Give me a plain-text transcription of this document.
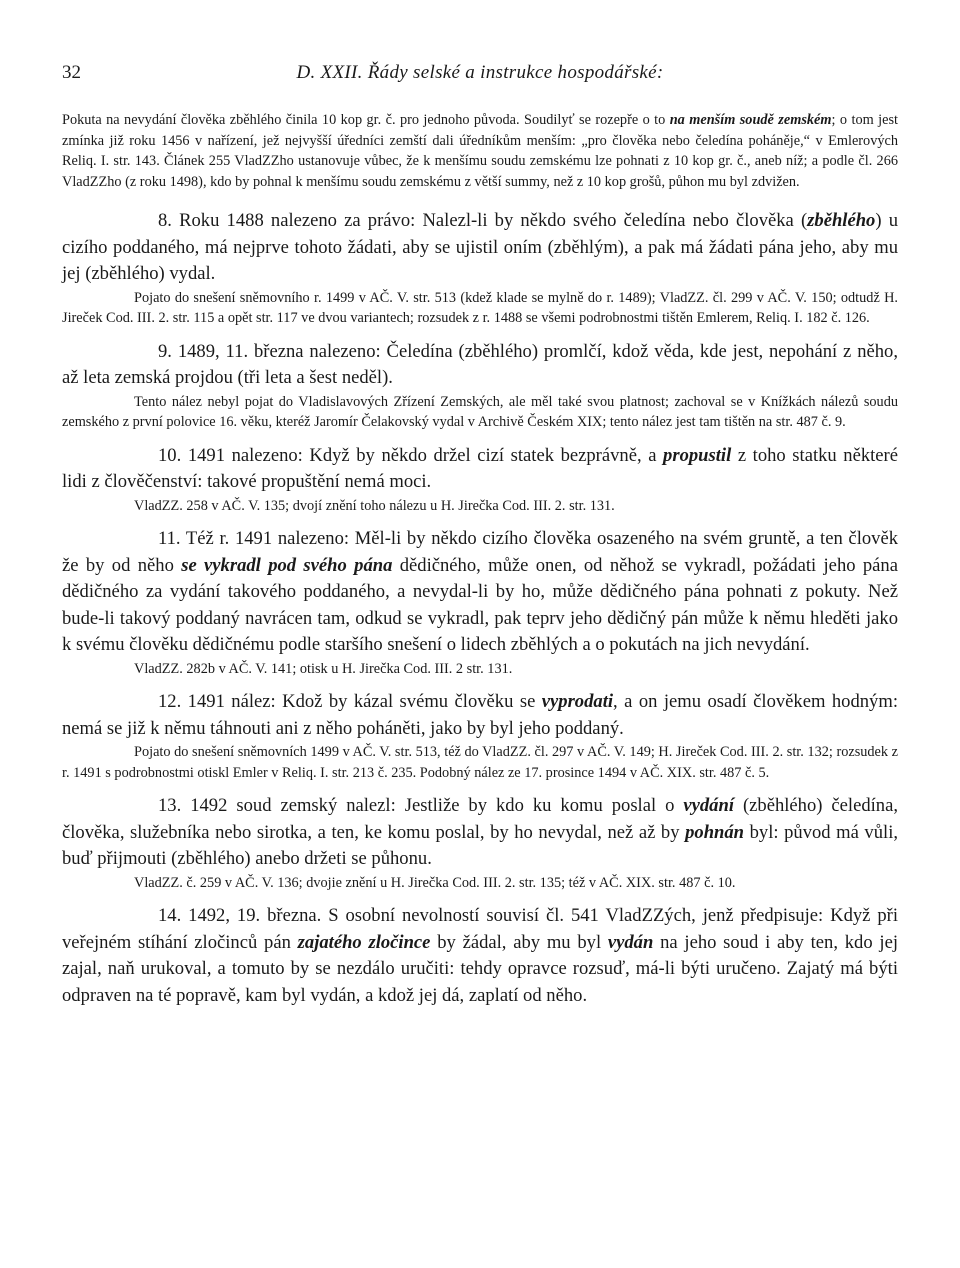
32	D. XXII. Řády selské a instrukce hospodářské:

Pokuta na nevydání člověka zběhlého činila 10 kop gr. č. pro jednoho původa. Soudilyť se rozepře o to na menším soudě zemském; o tom jest zmínka již roku 1456 v nařízení, jež nejvyšší úředníci zemští dali úředníkům menším: „pro člověka nebo čeledína poháněje,“ v Emlerových Reliq. I. str. 143. Článek 255 VladZZho ustanovuje vůbec, že k menšímu soudu zemskému lze pohnati z 10 kop gr. č., aneb níž; a podle čl. 266 VladZZho (z roku 1498), kdo by pohnal k menšímu soudu zemskému z větší summy, než z 10 kop grošů, půhon mu byl zdvižen.

8. Roku 1488 nalezeno za právo: Nalezl-li by někdo svého čeledína nebo člověka (zběhlého) u cizího poddaného, má nejprve tohoto žádati, aby se ujistil oním (zběhlým), a pak má žádati pána jeho, aby mu jej (zběhlého) vydal.

Pojato do snešení sněmovního r. 1499 v AČ. V. str. 513 (kdež klade se mylně do r. 1489); VladZZ. čl. 299 v AČ. V. 150; odtudž H. Jireček Cod. III. 2. str. 115 a opět str. 117 ve dvou variantech; rozsudek z r. 1488 se všemi podrobnostmi tištěn Emlerem, Reliq. I. 182 č. 126.

9. 1489, 11. března nalezeno: Čeledína (zběhlého) promlčí, kdož věda, kde jest, nepohání z něho, až leta zemská projdou (tři leta a šest neděl).

Tento nález nebyl pojat do Vladislavových Zřízení Zemských, ale měl také svou platnost; zachoval se v Knížkách nálezů soudu zemského z první polovice 16. věku, kteréž Jaromír Čelakovský vydal v Archivě Českém XIX; tento nález jest tam tištěn na str. 487 č. 9.

10. 1491 nalezeno: Když by někdo držel cizí statek bezprávně, a propustil z toho statku některé lidi z člověčenství: takové propuštění nemá moci.

VladZZ. 258 v AČ. V. 135; dvojí znění toho nálezu u H. Jirečka Cod. III. 2. str. 131.

11. Též r. 1491 nalezeno: Měl-li by někdo cizího člověka osazeného na svém gruntě, a ten člověk že by od něho se vykradl pod svého pána dědičného, může onen, od něhož se vykradl, požádati jeho pána dědičného za vydání takového poddaného, a nevydal-li by ho, může dědičného pána pohnati z pokuty. Než bude-li takový poddaný navrácen tam, odkud se vykradl, pak teprv jeho dědičný pán může k němu hleděti jako k svému člověku dědičnému podle staršího snešení o lidech zběhlých a o pokutách na jich nevydání.

VladZZ. 282b v AČ. V. 141; otisk u H. Jirečka Cod. III. 2 str. 131.

12. 1491 nález: Kdož by kázal svému člověku se vyprodati, a on jemu osadí člověkem hodným: nemá se již k němu táhnouti ani z něho poháněti, jako by byl jeho poddaný.

Pojato do snešení sněmovních 1499 v AČ. V. str. 513, též do VladZZ. čl. 297 v AČ. V. 149; H. Jireček Cod. III. 2. str. 132; rozsudek z r. 1491 s podrobnostmi otiskl Emler v Reliq. I. str. 213 č. 235. Podobný nález ze 17. prosince 1494 v AČ. XIX. str. 487 č. 5.

13. 1492 soud zemský nalezl: Jestliže by kdo ku komu poslal o vydání (zběhlého) čeledína, člověka, služebníka nebo sirotka, a ten, ke komu poslal, by ho nevydal, než až by pohnán byl: původ má vůli, buď přijmouti (zběhlého) anebo držeti se půhonu.

VladZZ. č. 259 v AČ. V. 136; dvojie znění u H. Jirečka Cod. III. 2. str. 135; též v AČ. XIX. str. 487 č. 10.

14. 1492, 19. března. S osobní nevolností souvisí čl. 541 VladZZých, jenž předpisuje: Když při veřejném stíhání zločinců pán zajatého zločince by žádal, aby mu byl vydán na jeho soud i aby ten, kdo jej zajal, naň urukoval, a tomuto by se nezdálo uručiti: tehdy opravce rozsuď, má-li býti uručeno. Zajatý má býti odpraven na té popravě, kam byl vydán, a kdož jej dá, zaplatí od něho.
